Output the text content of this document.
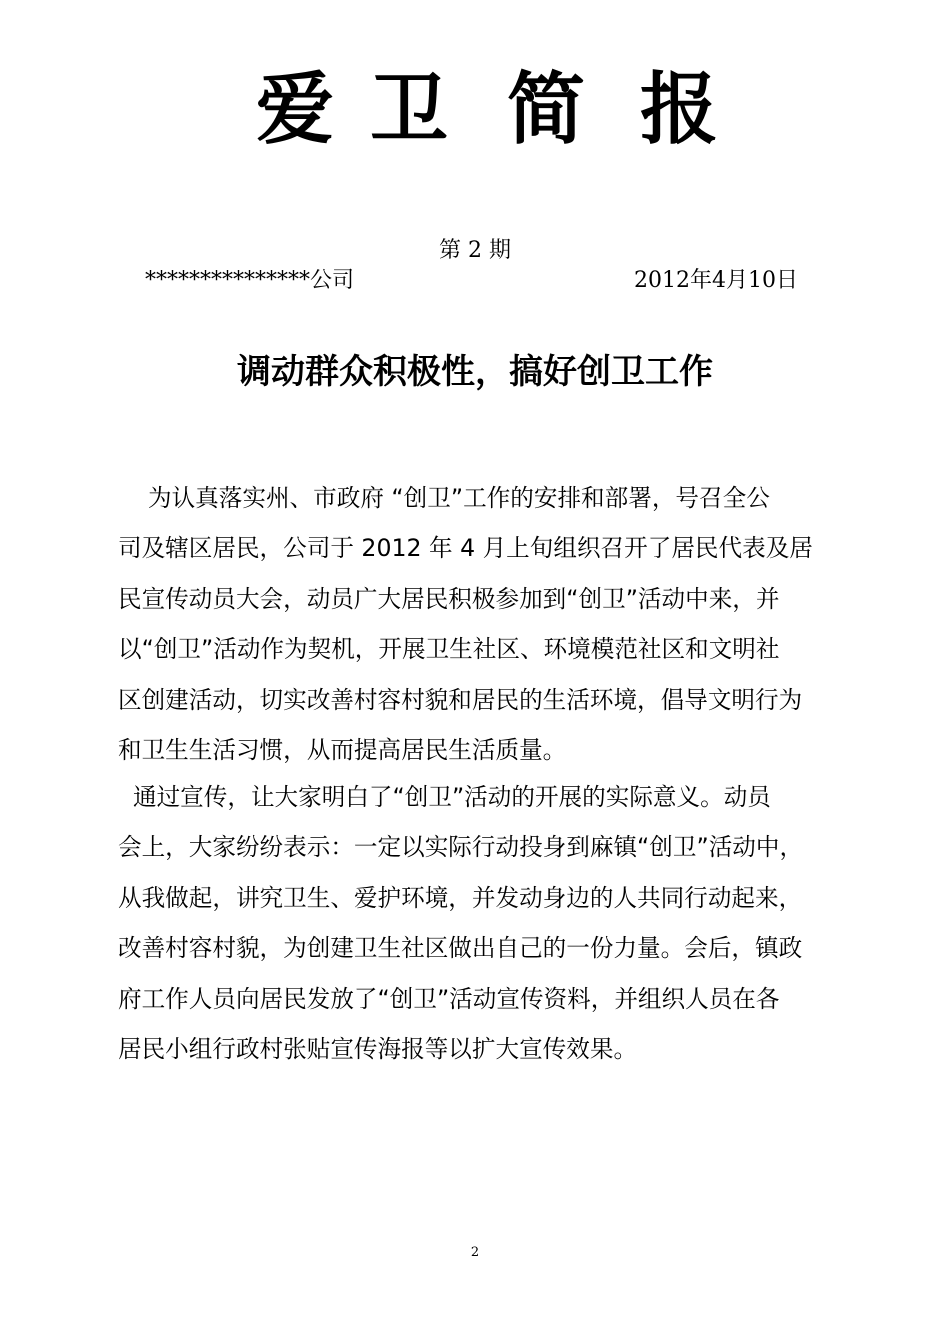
爱 卫 简 报
第 2 期
***************公司	2012年4月10日
调动群众积极性，搞好创卫工作
为认真落实州、市政府 “创卫”工作的安排和部署，号召全公
司及辖区居民，公司于 2012 年 4 月上旬组织召开了居民代表及居
民宣传动员大会，动员广大居民积极参加到“创卫”活动中来，并
以“创卫”活动作为契机，开展卫生社区、环境模范社区和文明社
区创建活动，切实改善村容村貌和居民的生活环境，倡导文明行为
和卫生生活习惯，从而提高居民生活质量。
通过宣传，让大家明白了“创卫”活动的开展的实际意义。动员
会上，大家纷纷表示：一定以实际行动投身到麻镇“创卫”活动中，
从我做起，讲究卫生、爱护环境，并发动身边的人共同行动起来，
改善村容村貌，为创建卫生社区做出自己的一份力量。会后，镇政
府工作人员向居民发放了“创卫”活动宣传资料，并组织人员在各
居民小组行政村张贴宣传海报等以扩大宣传效果。
2
